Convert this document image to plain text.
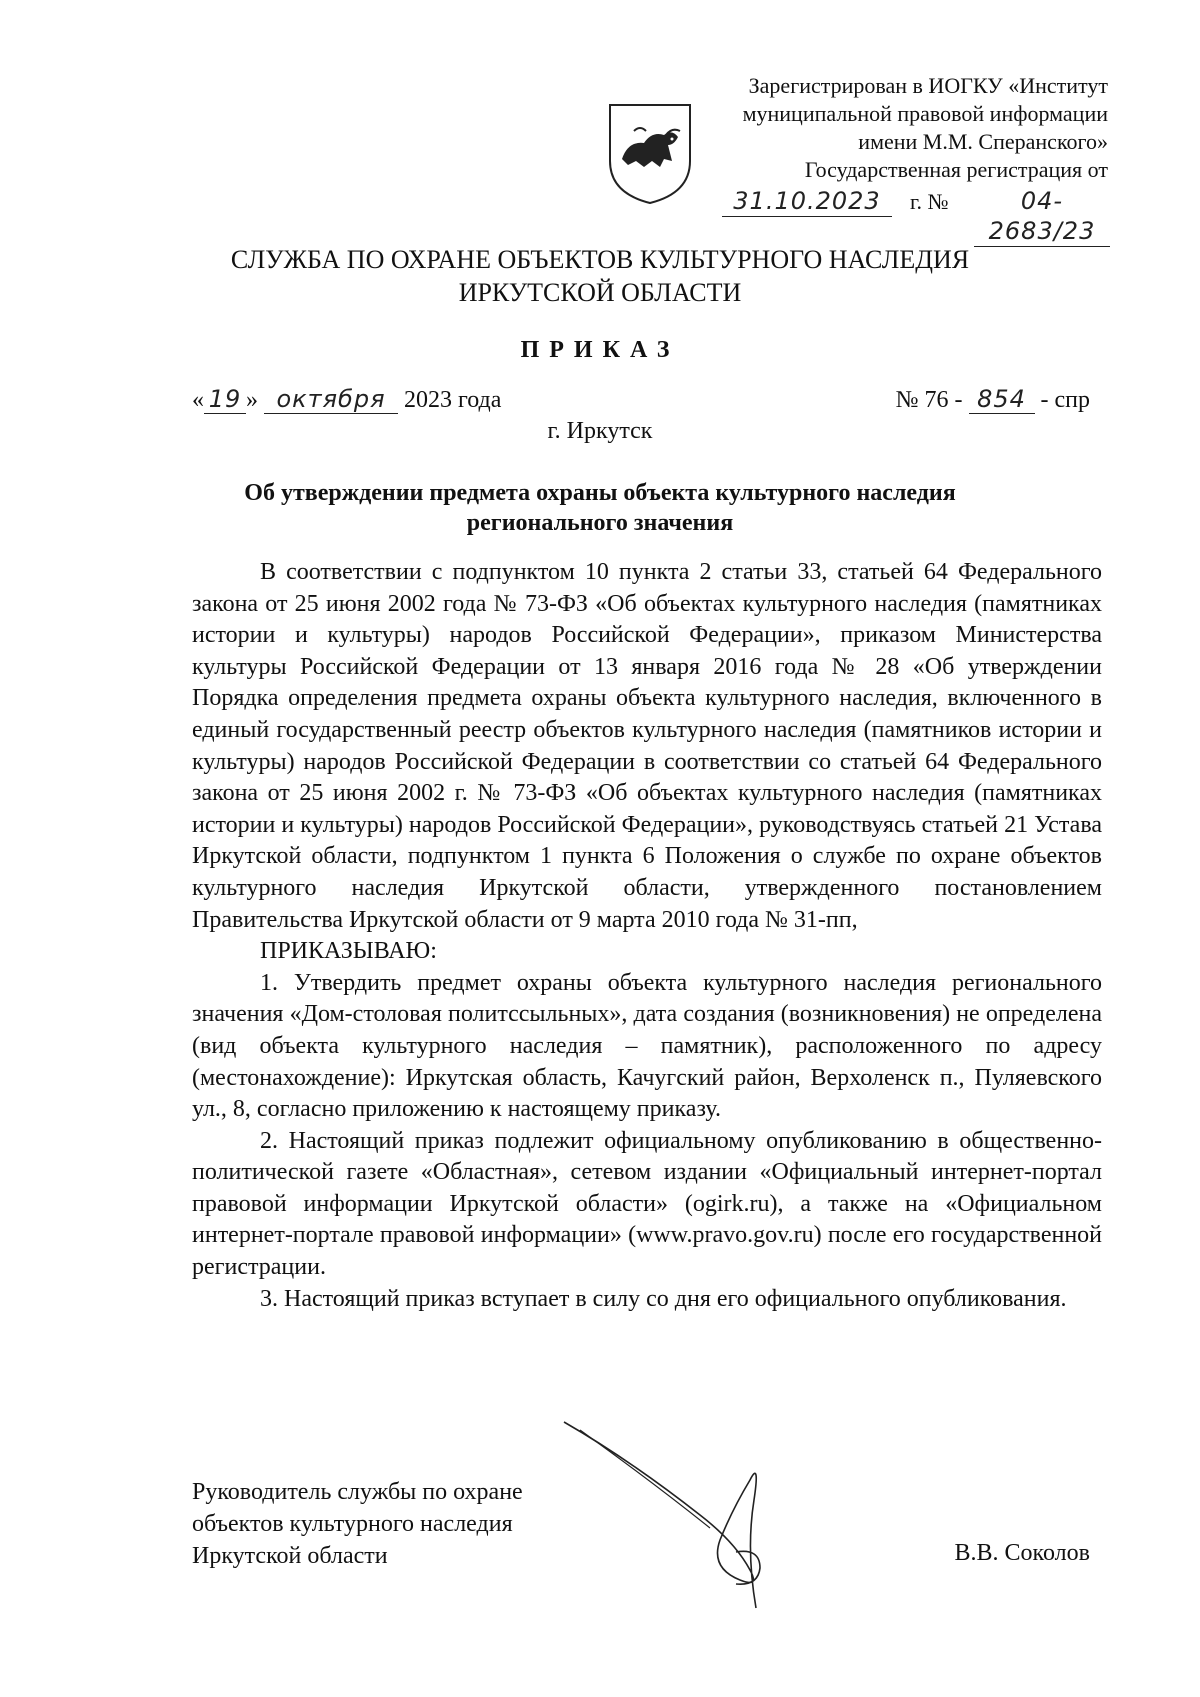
Зарегистрирован в ИОГКУ «Институт
муниципальной правовой информации
имени М.М. Сперанского»
Государственная регистрация от
31.10.2023	г. №	04-2683/23
СЛУЖБА ПО ОХРАНЕ ОБЪЕКТОВ КУЛЬТУРНОГО НАСЛЕДИЯ
ИРКУТСКОЙ ОБЛАСТИ
ПРИКАЗ
« 19 » октября 2023 года	№ 76 - 854 - спр
г. Иркутск
Об утверждении предмета охраны объекта культурного наследия
регионального значения

В соответствии с подпунктом 10 пункта 2 статьи 33, статьей 64 Федерального закона от 25 июня 2002 года № 73-ФЗ «Об объектах культурного наследия (памятниках истории и культуры) народов Российской Федерации», приказом Министерства культуры Российской Федерации от 13 января 2016 года № 28 «Об утверждении Порядка определения предмета охраны объекта культурного наследия, включенного в единый государственный реестр объектов культурного наследия (памятников истории и культуры) народов Российской Федерации в соответствии со статьей 64 Федерального закона от 25 июня 2002 г. № 73-ФЗ «Об объектах культурного наследия (памятниках истории и культуры) народов Российской Федерации», руководствуясь статьей 21 Устава Иркутской области, подпунктом 1 пункта 6 Положения о службе по охране объектов культурного наследия Иркутской области, утвержденного постановлением Правительства Иркутской области от 9 марта 2010 года № 31-пп,

ПРИКАЗЫВАЮ:

1. Утвердить предмет охраны объекта культурного наследия регионального значения «Дом-столовая политссыльных», дата создания (возникновения) не определена (вид объекта культурного наследия – памятник), расположенного по адресу (местонахождение): Иркутская область, Качугский район, Верхоленск п., Пуляевского ул., 8, согласно приложению к настоящему приказу.

2. Настоящий приказ подлежит официальному опубликованию в общественно-политической газете «Областная», сетевом издании «Официальный интернет-портал правовой информации Иркутской области» (ogirk.ru), а также на «Официальном интернет-портале правовой информации» (www.pravo.gov.ru) после его государственной регистрации.

3. Настоящий приказ вступает в силу со дня его официального опубликования.

Руководитель службы по охране
объектов культурного наследия
Иркутской области	В.В. Соколов
